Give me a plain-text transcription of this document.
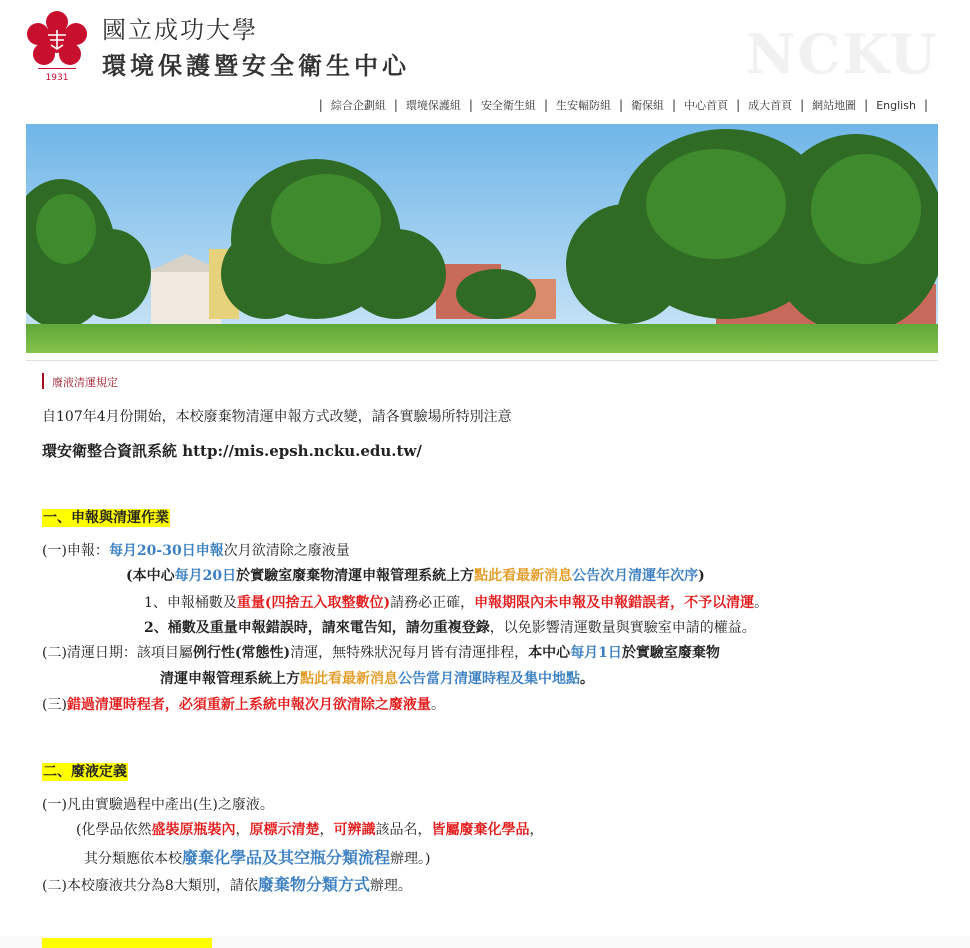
1931
國立成功大學
環境保護暨安全衛生中心	NCKU
| 綜合企劃組 | 環境保護組 | 安全衛生組 | 生安輻防組 | 衛保組 | 中心首頁 | 成大首頁 | 網站地圖 | English |
廢液清運規定
自107年4月份開始，本校廢棄物清運申報方式改變，請各實驗場所特別注意
環安衛整合資訊系統 http://mis.epsh.ncku.edu.tw/
一、申報與清運作業
(一)申報：每月20-30日申報次月欲清除之廢液量
(本中心每月20日於實驗室廢棄物清運申報管理系統上方點此看最新消息公告次月清運年次序)
1、申報桶數及重量(四捨五入取整數位)請務必正確，申報期限內未申報及申報錯誤者，不予以清運。
2、桶數及重量申報錯誤時，請來電告知，請勿重複登錄，以免影響清運數量與實驗室申請的權益。
(二)清運日期：該項目屬例行性(常態性)清運，無特殊狀況每月皆有清運排程，本中心每月1日於實驗室廢棄物
清運申報管理系統上方點此看最新消息公告當月清運時程及集中地點。
(三)錯過清運時程者，必須重新上系統申報次月欲清除之廢液量。
二、廢液定義
(一)凡由實驗過程中產出(生)之廢液。
(化學品依然盛裝原瓶裝內，原標示清楚，可辨識該品名，皆屬廢棄化學品，
其分類應依本校廢棄化學品及其空瓶分類流程辦理。)
(二)本校廢液共分為8大類別，請依廢棄物分類方式辦理。
